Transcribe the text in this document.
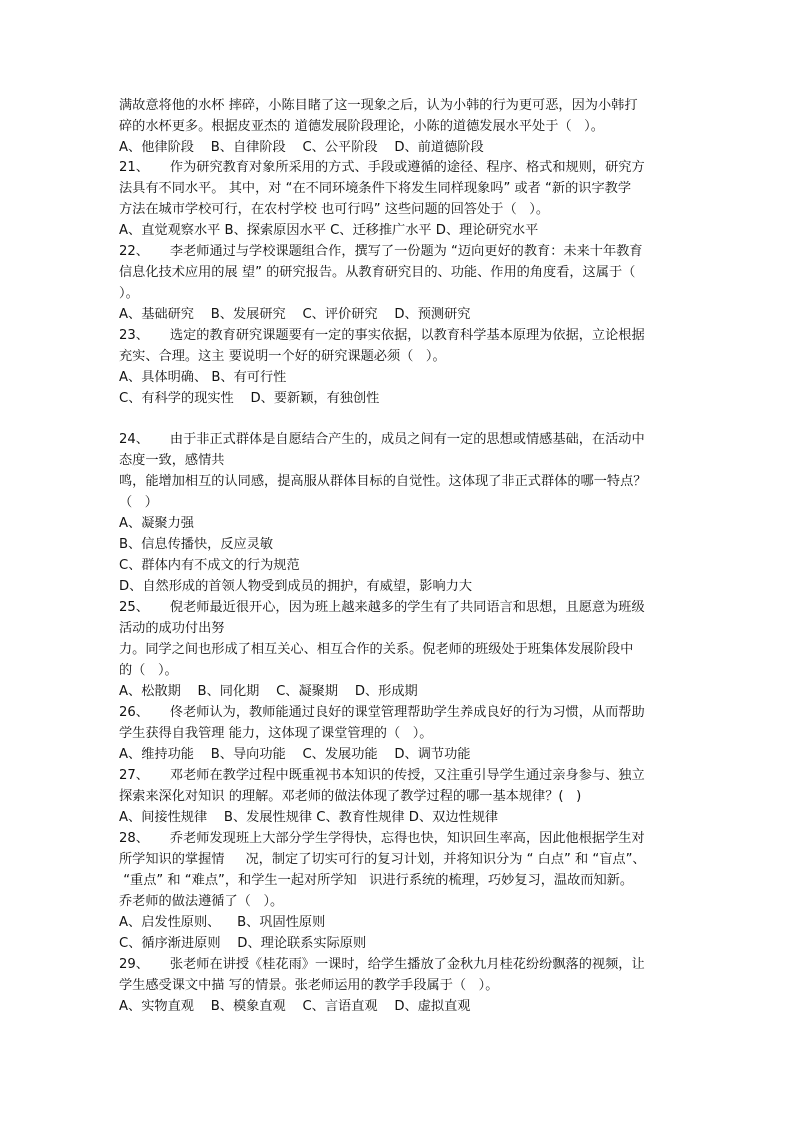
满故意将他的水杯 摔碎，小陈目睹了这一现象之后，认为小韩的行为更可恶，因为小韩打
碎的水杯更多。根据皮亚杰的 道德发展阶段理论，小陈的道德发展水平处于（   ）。
A、他律阶段    B、自律阶段    C、公平阶段    D、前道德阶段
21、     作为研究教育对象所采用的方式、手段或遵循的途径、程序、格式和规则，研究方
法具有不同水平。 其中，对 “在不同环境条件下将发生同样现象吗” 或者 “新的识字教学
方法在城市学校可行，在农村学校 也可行吗” 这些问题的回答处于（   ）。
A、直觉观察水平 B、探索原因水平 C、迁移推广水平 D、理论研究水平
22、     李老师通过与学校课题组合作，撰写了一份题为 “迈向更好的教育：未来十年教育
信息化技术应用的展 望” 的研究报告。从教育研究目的、功能、作用的角度看，这属于（
）。
A、基础研究    B、发展研究    C、评价研究    D、预测研究
23、     选定的教育研究课题要有一定的事实依据，以教育科学基本原理为依据，立论根据
充实、合理。这主 要说明一个好的研究课题必须（   ）。
A、具体明确、 B、有可行性
C、有科学的现实性    D、要新颖，有独创性
24、     由于非正式群体是自愿结合产生的，成员之间有一定的思想或情感基础，在活动中
态度一致，感情共
鸣，能增加相互的认同感，提高服从群体目标的自觉性。这体现了非正式群体的哪一特点？
（   ）
A、凝聚力强
B、信息传播快，反应灵敏
C、群体内有不成文的行为规范
D、自然形成的首领人物受到成员的拥护，有威望，影响力大
25、     倪老师最近很开心，因为班上越来越多的学生有了共同语言和思想，且愿意为班级
活动的成功付出努
力。同学之间也形成了相互关心、相互合作的关系。倪老师的班级处于班集体发展阶段中
的（   ）。
A、松散期    B、同化期    C、凝聚期    D、形成期
26、     佟老师认为，教师能通过良好的课堂管理帮助学生养成良好的行为习惯，从而帮助
学生获得自我管理 能力，这体现了课堂管理的（   ）。
A、维持功能    B、导向功能    C、发展功能    D、调节功能
27、     邓老师在教学过程中既重视书本知识的传授，又注重引导学生通过亲身参与、独立
探索来深化对知识 的理解。邓老师的做法体现了教学过程的哪一基本规律？(   )
A、间接性规律    B、发展性规律 C、教育性规律 D、双边性规律
28、     乔老师发现班上大部分学生学得快，忘得也快，知识回生率高，因此他根据学生对
所学知识的掌握情     况，制定了切实可行的复习计划，并将知识分为 “ 白点” 和 “盲点”、
“重点” 和 “难点”，和学生一起对所学知   识进行系统的梳理，巧妙复习，温故而知新。
乔老师的做法遵循了（   ）。
A、启发性原则、    B、巩固性原则
C、循序渐进原则    D、理论联系实际原则
29、     张老师在讲授《桂花雨》一课时，给学生播放了金秋九月桂花纷纷飘落的视频，让
学生感受课文中描 写的情景。张老师运用的教学手段属于（   ）。
A、实物直观    B、模象直观    C、言语直观    D、虚拟直观
